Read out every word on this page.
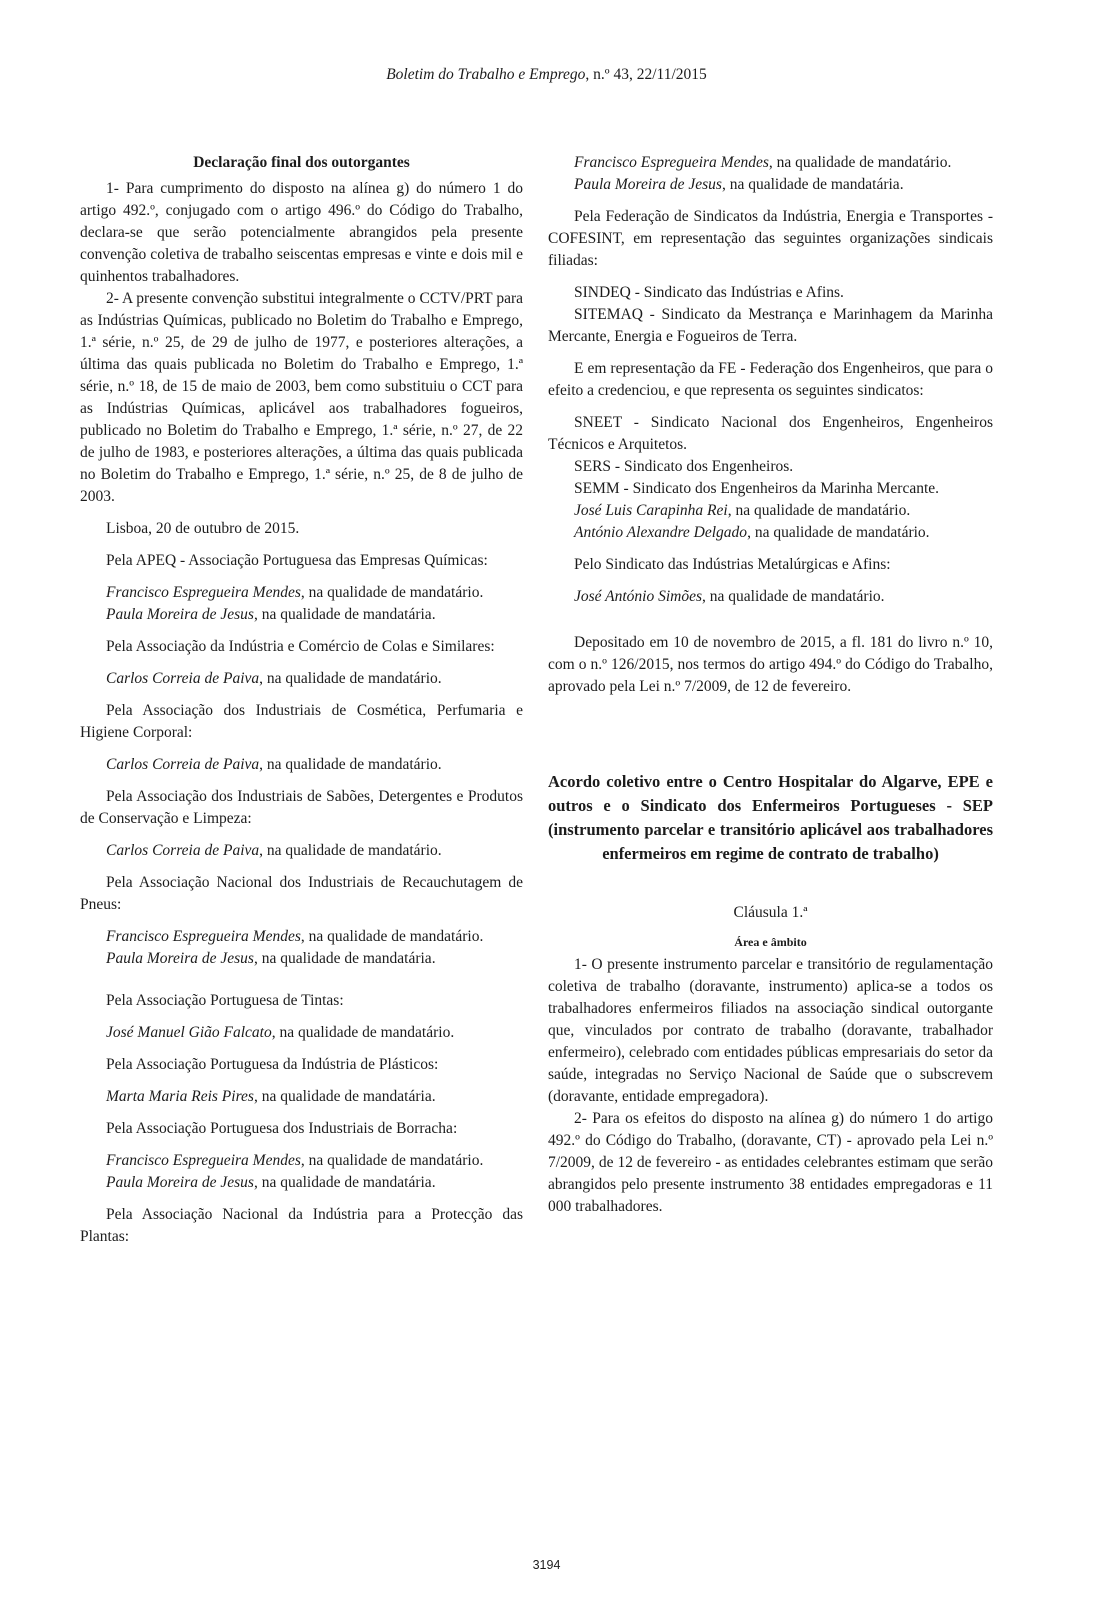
Boletim do Trabalho e Emprego, n.º 43, 22/11/2015

Declaração final dos outorgantes

1- Para cumprimento do disposto na alínea g) do número 1 do artigo 492.º, conjugado com o artigo 496.º do Código do Trabalho, declara-se que serão potencialmente abrangidos pela presente convenção coletiva de trabalho seiscentas empresas e vinte e dois mil e quinhentos trabalhadores.

2- A presente convenção substitui integralmente o CCTV/PRT para as Indústrias Químicas, publicado no Boletim do Trabalho e Emprego, 1.ª série, n.º 25, de 29 de julho de 1977, e posteriores alterações, a última das quais publicada no Boletim do Trabalho e Emprego, 1.ª série, n.º 18, de 15 de maio de 2003, bem como substituiu o CCT para as Indústrias Químicas, aplicável aos trabalhadores fogueiros, publicado no Boletim do Trabalho e Emprego, 1.ª série, n.º 27, de 22 de julho de 1983, e posteriores alterações, a última das quais publicada no Boletim do Trabalho e Emprego, 1.ª série, n.º 25, de 8 de julho de 2003.

Lisboa, 20 de outubro de 2015.

Pela APEQ - Associação Portuguesa das Empresas Químicas:

Francisco Espregueira Mendes, na qualidade de mandatário.

Paula Moreira de Jesus, na qualidade de mandatária.

Pela Associação da Indústria e Comércio de Colas e Similares:

Carlos Correia de Paiva, na qualidade de mandatário.

Pela Associação dos Industriais de Cosmética, Perfumaria e Higiene Corporal:

Carlos Correia de Paiva, na qualidade de mandatário.

Pela Associação dos Industriais de Sabões, Detergentes e Produtos de Conservação e Limpeza:

Carlos Correia de Paiva, na qualidade de mandatário.

Pela Associação Nacional dos Industriais de Recauchutagem de Pneus:

Francisco Espregueira Mendes, na qualidade de mandatário.

Paula Moreira de Jesus, na qualidade de mandatária.

Pela Associação Portuguesa de Tintas:

José Manuel Gião Falcato, na qualidade de mandatário.

Pela Associação Portuguesa da Indústria de Plásticos:

Marta Maria Reis Pires, na qualidade de mandatária.

Pela Associação Portuguesa dos Industriais de Borracha:

Francisco Espregueira Mendes, na qualidade de mandatário.

Paula Moreira de Jesus, na qualidade de mandatária.

Pela Associação Nacional da Indústria para a Protecção das Plantas:

Francisco Espregueira Mendes, na qualidade de mandatário.

Paula Moreira de Jesus, na qualidade de mandatária.

Pela Federação de Sindicatos da Indústria, Energia e Transportes - COFESINT, em representação das seguintes organizações sindicais filiadas:

SINDEQ - Sindicato das Indústrias e Afins.

SITEMAQ - Sindicato da Mestrança e Marinhagem da Marinha Mercante, Energia e Fogueiros de Terra.

E em representação da FE - Federação dos Engenheiros, que para o efeito a credenciou, e que representa os seguintes sindicatos:

SNEET - Sindicato Nacional dos Engenheiros, Engenheiros Técnicos e Arquitetos.

SERS - Sindicato dos Engenheiros.

SEMM - Sindicato dos Engenheiros da Marinha Mercante.

José Luis Carapinha Rei, na qualidade de mandatário.

António Alexandre Delgado, na qualidade de mandatário.

Pelo Sindicato das Indústrias Metalúrgicas e Afins:

José António Simões, na qualidade de mandatário.

Depositado em 10 de novembro de 2015, a fl. 181 do livro n.º 10, com o n.º 126/2015, nos termos do artigo 494.º do Código do Trabalho, aprovado pela Lei n.º 7/2009, de 12 de fevereiro.

Acordo coletivo entre o Centro Hospitalar do Algarve, EPE e outros e o Sindicato dos Enfermeiros Portugueses - SEP (instrumento parcelar e transitório aplicável aos trabalhadores enfermeiros em regime de contrato de trabalho)

Cláusula 1.ª

Área e âmbito

1- O presente instrumento parcelar e transitório de regulamentação coletiva de trabalho (doravante, instrumento) aplica-se a todos os trabalhadores enfermeiros filiados na associação sindical outorgante que, vinculados por contrato de trabalho (doravante, trabalhador enfermeiro), celebrado com entidades públicas empresariais do setor da saúde, integradas no Serviço Nacional de Saúde que o subscrevem (doravante, entidade empregadora).

2- Para os efeitos do disposto na alínea g) do número 1 do artigo 492.º do Código do Trabalho, (doravante, CT) - aprovado pela Lei n.º 7/2009, de 12 de fevereiro - as entidades celebrantes estimam que serão abrangidos pelo presente instrumento 38 entidades empregadoras e 11 000 trabalhadores.

3194
